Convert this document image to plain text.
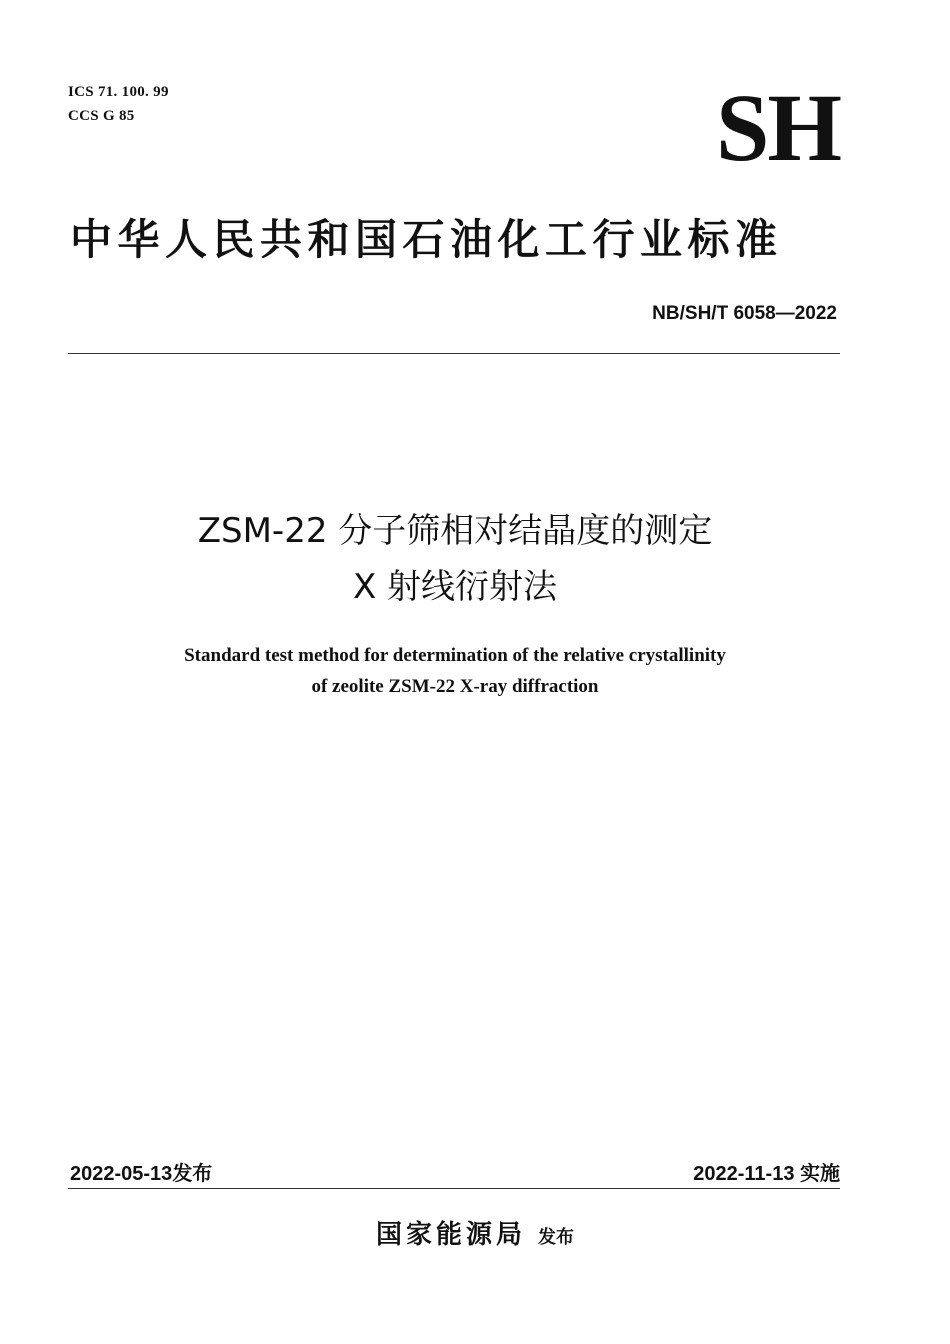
ICS 71. 100. 99
CCS G 85	SH
中华人民共和国石油化工行业标准
NB/SH/T 6058—2022
ZSM-22 分子筛相对结晶度的测定
X 射线衍射法
Standard test method for determination of the relative crystallinity
of zeolite ZSM-22 X-ray diffraction
2022-05-13发布	2022-11-13 实施
国家能源局 发布
